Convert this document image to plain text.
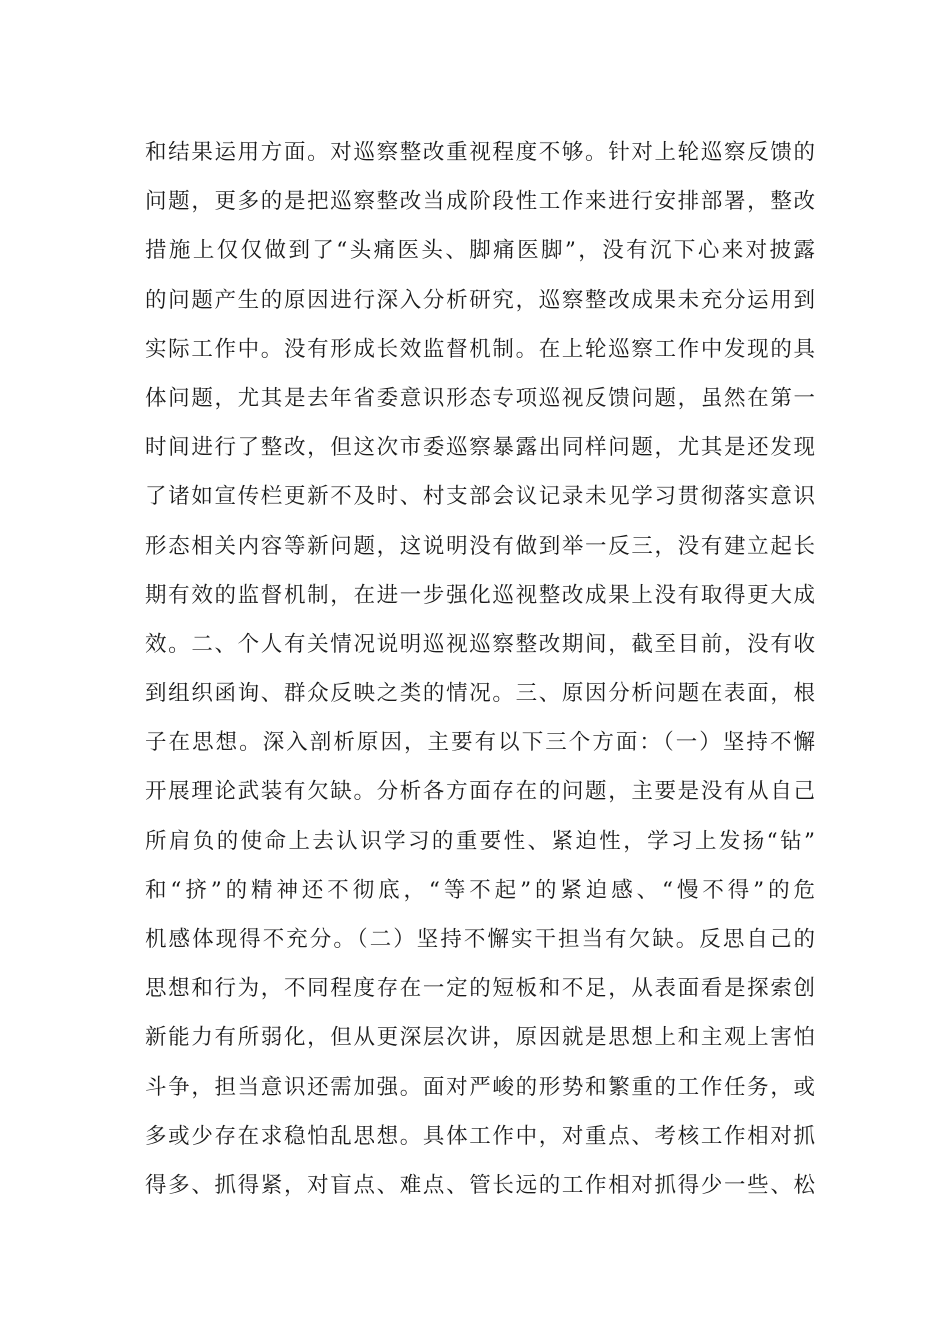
和结果运用方面。对巡察整改重视程度不够。针对上轮巡察反馈的
问题，更多的是把巡察整改当成阶段性工作来进行安排部署，整改
措施上仅仅做到了“头痛医头、脚痛医脚”，没有沉下心来对披露
的问题产生的原因进行深入分析研究，巡察整改成果未充分运用到
实际工作中。没有形成长效监督机制。在上轮巡察工作中发现的具
体问题，尤其是去年省委意识形态专项巡视反馈问题，虽然在第一
时间进行了整改，但这次市委巡察暴露出同样问题，尤其是还发现
了诸如宣传栏更新不及时、村支部会议记录未见学习贯彻落实意识
形态相关内容等新问题，这说明没有做到举一反三，没有建立起长
期有效的监督机制，在进一步强化巡视整改成果上没有取得更大成
效。二、个人有关情况说明巡视巡察整改期间，截至目前，没有收
到组织函询、群众反映之类的情况。三、原因分析问题在表面，根
子在思想。深入剖析原因，主要有以下三个方面：（一）坚持不懈
开展理论武装有欠缺。分析各方面存在的问题，主要是没有从自己
所肩负的使命上去认识学习的重要性、紧迫性，学习上发扬“钻”
和“挤”的精神还不彻底，“等不起”的紧迫感、“慢不得”的危
机感体现得不充分。（二）坚持不懈实干担当有欠缺。反思自己的
思想和行为，不同程度存在一定的短板和不足，从表面看是探索创
新能力有所弱化，但从更深层次讲，原因就是思想上和主观上害怕
斗争，担当意识还需加强。面对严峻的形势和繁重的工作任务，或
多或少存在求稳怕乱思想。具体工作中，对重点、考核工作相对抓
得多、抓得紧，对盲点、难点、管长远的工作相对抓得少一些、松
